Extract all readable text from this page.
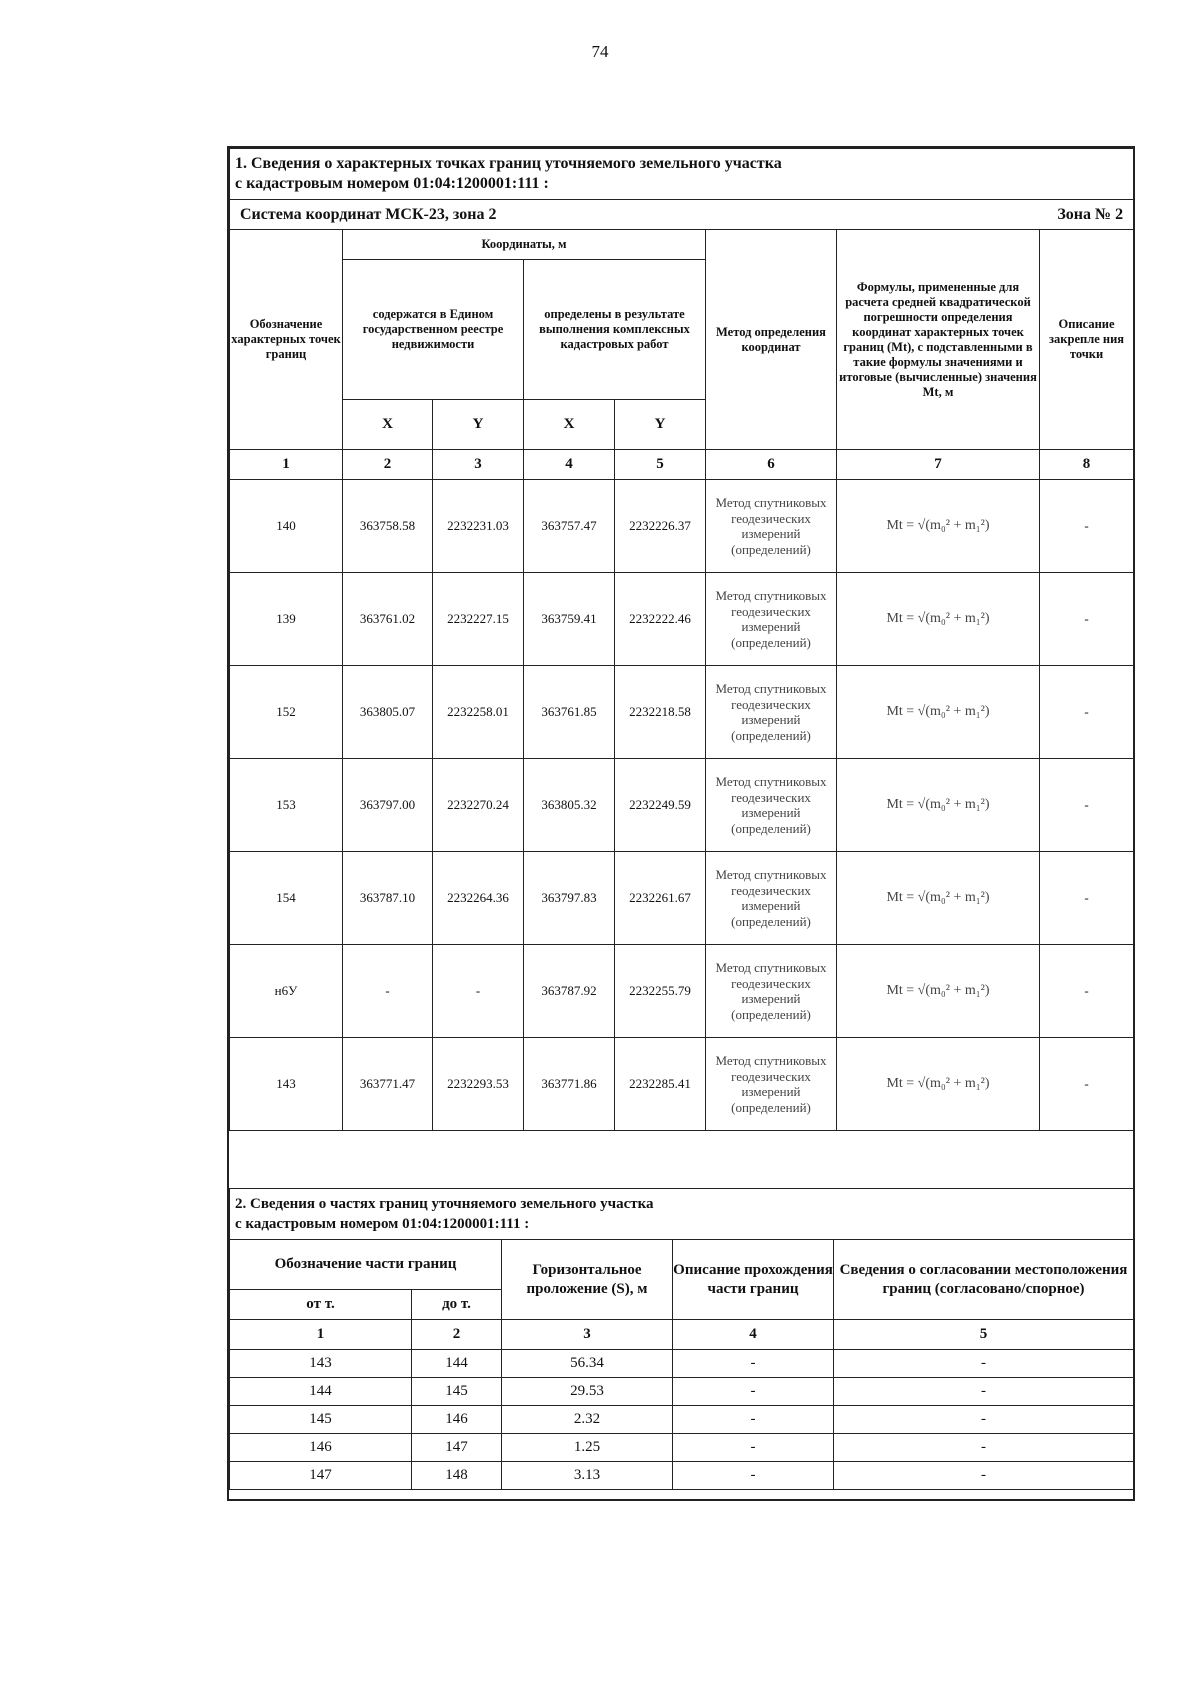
74
1. Сведения о характерных точках границ уточняемого земельного участка
с кадастровым номером 01:04:1200001:111 :							

Система координат МСК-23, зона 2						Зона № 2	
Обозначение характерных точек границ	Координаты, м				Метод определения координат	Формулы, примененные для расчета средней квадратической погрешности определения координат характерных точек границ (Mt), с подставленными в такие формулы значениями и итоговые (вычисленные) значения Mt, м	Описание закрепле ния точки
	содержатся в Едином государственном реестре недвижимости		определены в результате выполнения комплексных кадастровых работ				
	X	Y	X	Y			
1	2	3	4	5	6	7	8
140	363758.58	2232231.03	363757.47	2232226.37	Метод спутниковых геодезических измерений (определений)	Mt = √(m₀² + m₁²)	-
139	363761.02	2232227.15	363759.41	2232222.46	Метод спутниковых геодезических измерений (определений)	Mt = √(m₀² + m₁²)	-
152	363805.07	2232258.01	363761.85	2232218.58	Метод спутниковых геодезических измерений (определений)	Mt = √(m₀² + m₁²)	-
153	363797.00	2232270.24	363805.32	2232249.59	Метод спутниковых геодезических измерений (определений)	Mt = √(m₀² + m₁²)	-
154	363787.10	2232264.36	363797.83	2232261.67	Метод спутниковых геодезических измерений (определений)	Mt = √(m₀² + m₁²)	-
н6У	-	-	363787.92	2232255.79	Метод спутниковых геодезических измерений (определений)	Mt = √(m₀² + m₁²)	-
143	363771.47	2232293.53	363771.86	2232285.41	Метод спутниковых геодезических измерений (определений)	Mt = √(m₀² + m₁²)	-
2. Сведения о частях границ уточняемого земельного участка
с кадастровым номером 01:04:1200001:111 :				

Обозначение части границ		Горизонтальное проложение (S), м	Описание прохождения части границ	Сведения о согласовании местоположения границ (согласовано/спорное)
от т.	до т.			
1	2	3	4	5
143	144	56.34	-	-
144	145	29.53	-	-
145	146	2.32	-	-
146	147	1.25	-	-
147	148	3.13	-	-
